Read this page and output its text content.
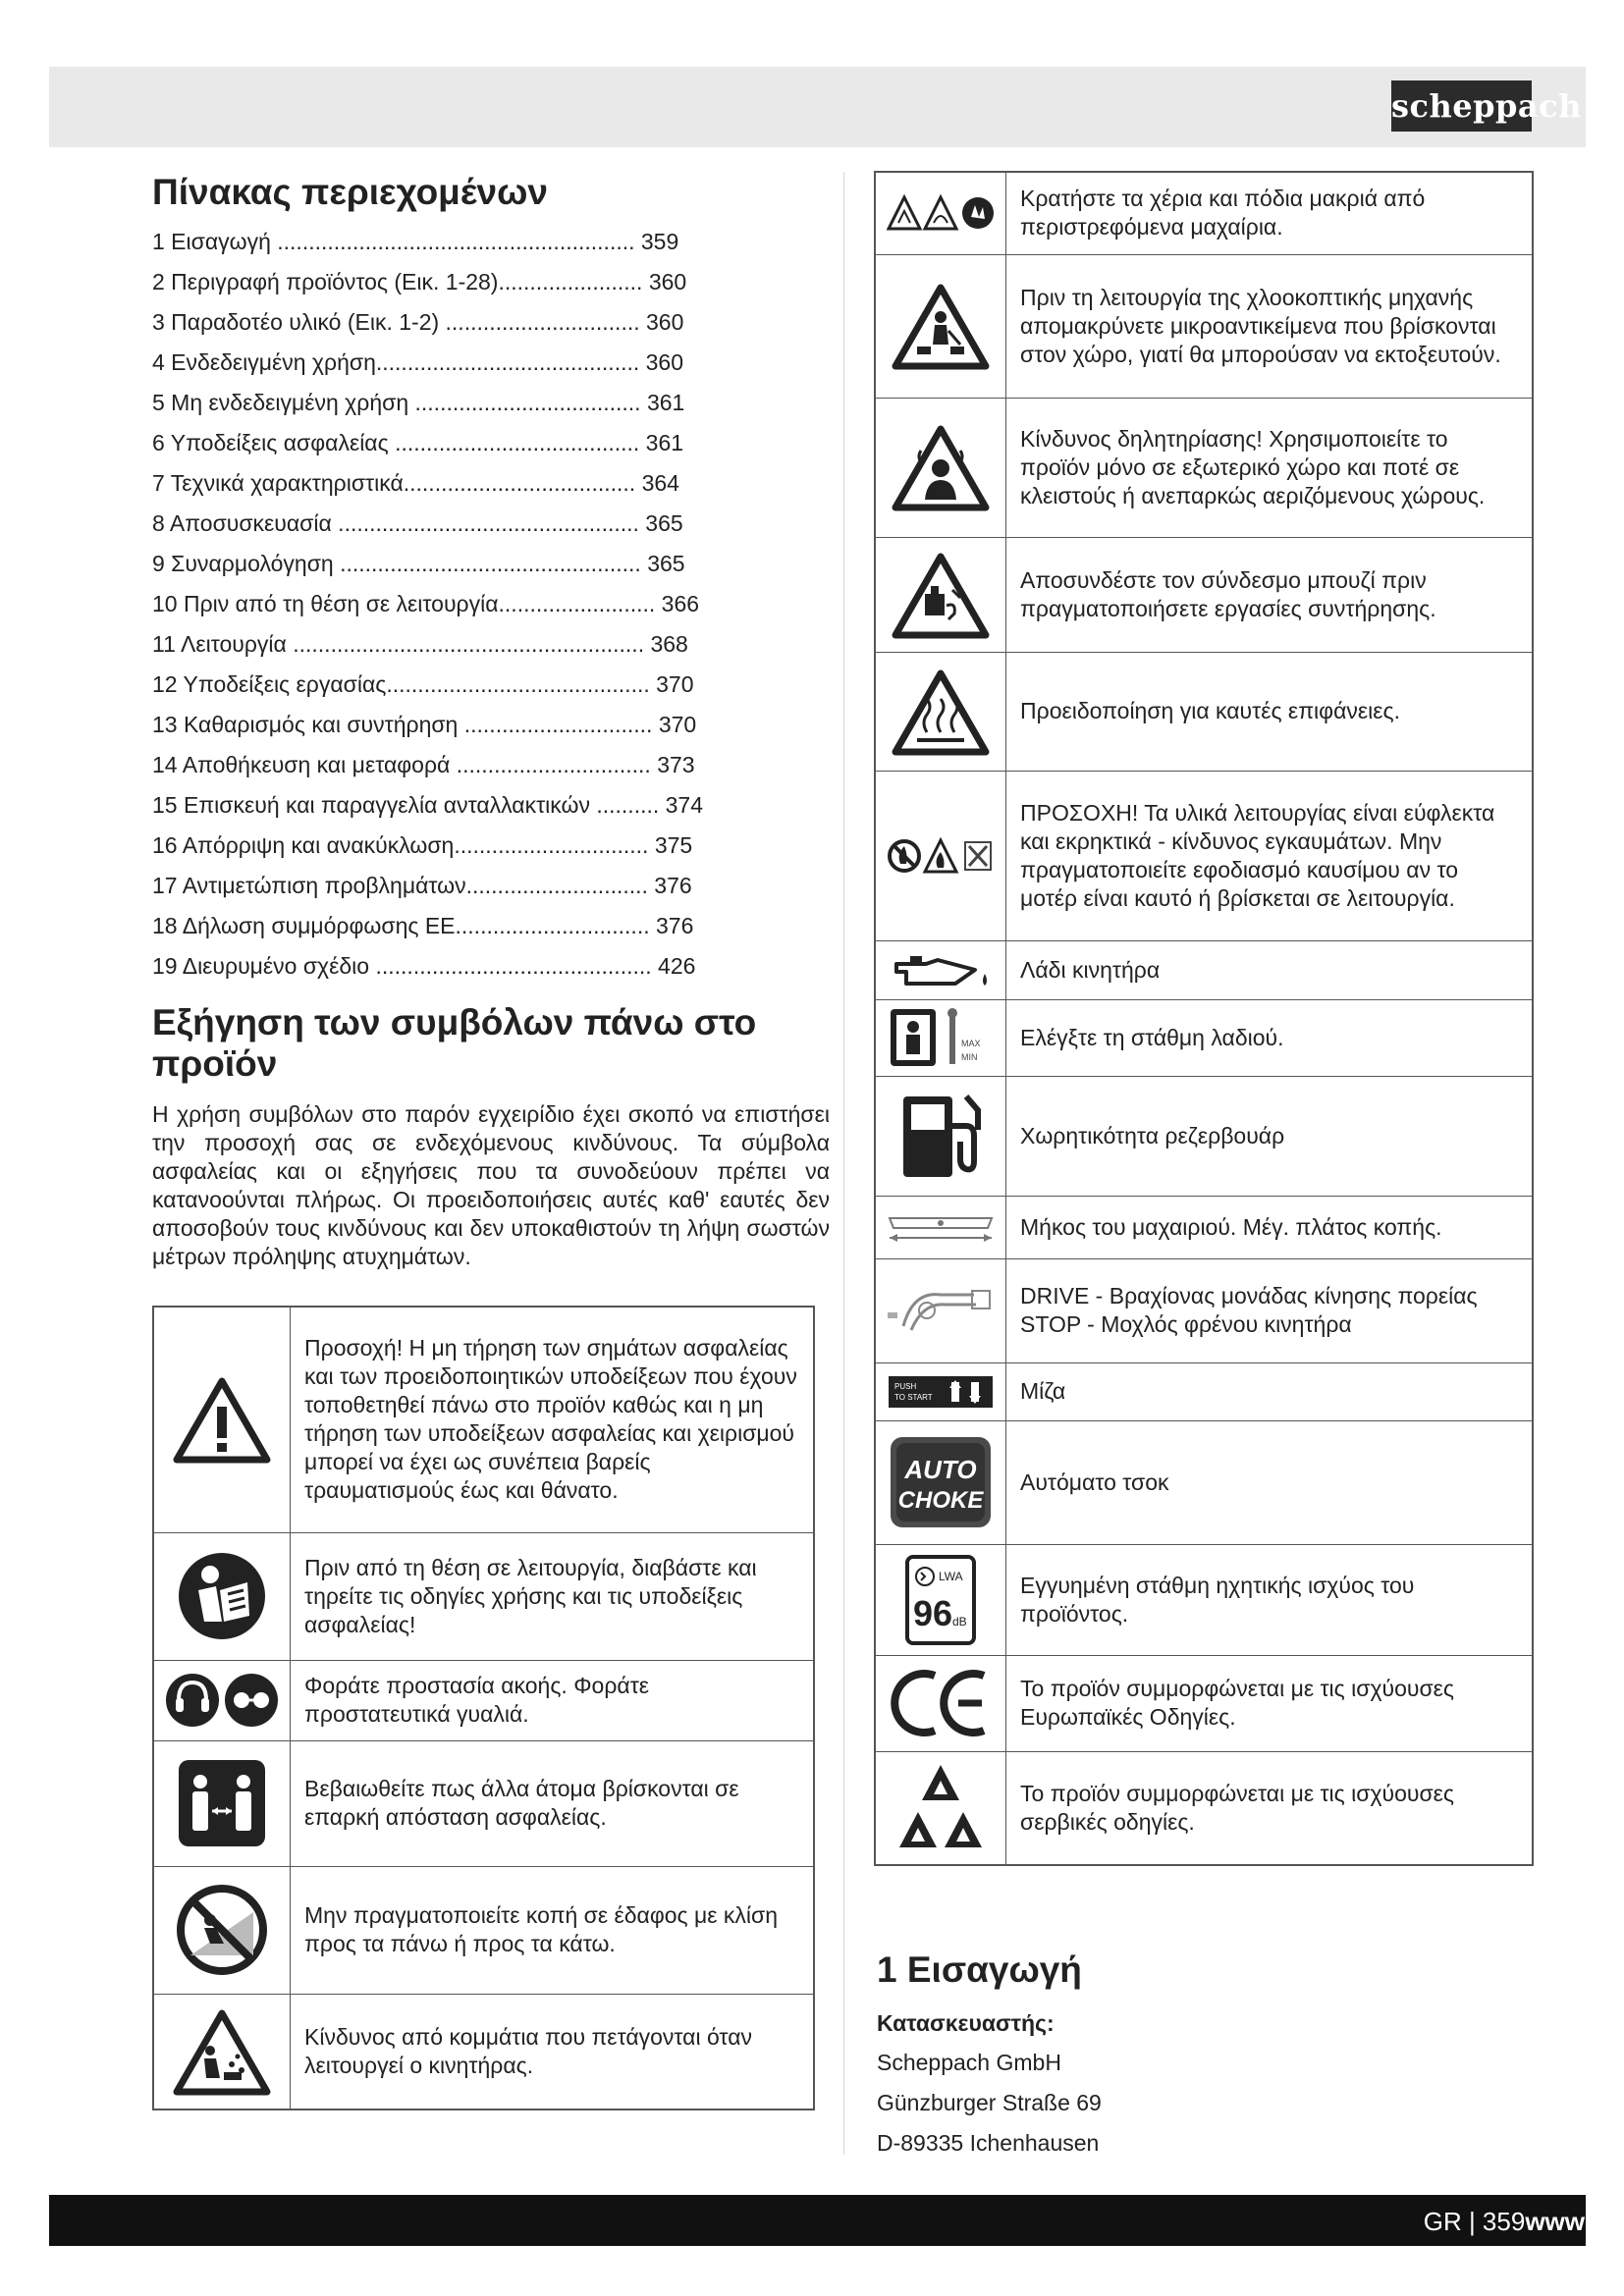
scheppach
Πίνακας περιεχομένων
1 Εισαγωγή ......................................................... 359
2 Περιγραφή προϊόντος (Εικ. 1-28)....................... 360
3 Παραδοτέο υλικό (Εικ. 1-2) ............................... 360
4 Ενδεδειγμένη χρήση.......................................... 360
5 Μη ενδεδειγμένη χρήση .................................... 361
6 Υποδείξεις ασφαλείας ....................................... 361
7 Τεχνικά χαρακτηριστικά..................................... 364
8 Αποσυσκευασία ................................................ 365
9 Συναρμολόγηση ................................................ 365
10 Πριν από τη θέση σε λειτουργία......................... 366
11 Λειτουργία ........................................................ 368
12 Υποδείξεις εργασίας.......................................... 370
13 Καθαρισμός και συντήρηση .............................. 370
14 Αποθήκευση και μεταφορά ............................... 373
15 Επισκευή και παραγγελία ανταλλακτικών .......... 374
16 Απόρριψη και ανακύκλωση............................... 375
17 Αντιμετώπιση προβλημάτων............................. 376
18 Δήλωση συμμόρφωσης ΕΕ............................... 376
19 Διευρυμένο σχέδιο ............................................ 426
Εξήγηση των συμβόλων πάνω στο προϊόν
Η χρήση συμβόλων στο παρόν εγχειρίδιο έχει σκοπό να επιστήσει την προσοχή σας σε ενδεχόμενους κινδύνους. Τα σύμβολα ασφαλείας και οι εξηγήσεις που τα συνοδεύουν πρέπει να κατανοούνται πλήρως. Οι προειδοποιήσεις αυτές καθ' εαυτές δεν αποσοβούν τους κινδύνους και δεν υποκαθιστούν τη λήψη σωστών μέτρων πρόληψης ατυχημάτων.
	Προσοχή! Η μη τήρηση των σημάτων ασφαλείας και των προειδοποιητικών υποδείξεων που έχουν τοποθετηθεί πάνω στο προϊόν καθώς και η μη τήρηση των υποδείξεων ασφαλείας και χειρισμού μπορεί να έχει ως συνέπεια βαρείς τραυματισμούς έως και θάνατο.

	Πριν από τη θέση σε λειτουργία, διαβάστε και τηρείτε τις οδηγίες χρήσης και τις υποδείξεις ασφαλείας!

	Φοράτε προστασία ακοής. Φοράτε προστατευτικά γυαλιά.

	Βεβαιωθείτε πως άλλα άτομα βρίσκονται σε επαρκή απόσταση ασφαλείας.

	Μην πραγματοποιείτε κοπή σε έδαφος με κλίση προς τα πάνω ή προς τα κάτω.

	Κίνδυνος από κομμάτια που πετάγονται όταν λειτουργεί ο κινητήρας.
	Κρατήστε τα χέρια και πόδια μακριά από περιστρεφόμενα μαχαίρια.

	Πριν τη λειτουργία της χλοοκοπτικής μηχανής απομακρύνετε μικροαντικείμενα που βρίσκονται στον χώρο, γιατί θα μπορούσαν να εκτοξευτούν.

	Κίνδυνος δηλητηρίασης! Χρησιμοποιείτε το προϊόν μόνο σε εξωτερικό χώρο και ποτέ σε κλειστούς ή ανεπαρκώς αεριζόμενους χώρους.

	Αποσυνδέστε τον σύνδεσμο μπουζί πριν πραγματοποιήσετε εργασίες συντήρησης.

	Προειδοποίηση για καυτές επιφάνειες.

	ΠΡΟΣΟΧΗ! Τα υλικά λειτουργίας είναι εύφλεκτα και εκρηκτικά - κίνδυνος εγκαυμάτων. Μην πραγματοποιείτε εφοδιασμό καυσίμου αν το μοτέρ είναι καυτό ή βρίσκεται σε λειτουργία.

	Λάδι κινητήρα

MAX
MIN	Ελέγξτε τη στάθμη λαδιού.

	Χωρητικότητα ρεζερβουάρ

	Μήκος του μαχαιριού. Μέγ. πλάτος κοπής.

	DRIVE - Βραχίονας μονάδας κίνησης πορείας
STOP - Μοχλός φρένου κινητήρα

PUSH
TO START	Μίζα

AUTO
CHOKE	Αυτόματο τσοκ

LWA
96 dB	Εγγυημένη στάθμη ηχητικής ισχύος του προϊόντος.

	Το προϊόν συμμορφώνεται με τις ισχύουσες Ευρωπαϊκές Οδηγίες.

	Το προϊόν συμμορφώνεται με τις ισχύουσες σερβικές οδηγίες.
1 Εισαγωγή
Κατασκευαστής:
Scheppach GmbH
Günzburger Straße 69
D-89335 Ichenhausen
GR | 359www
